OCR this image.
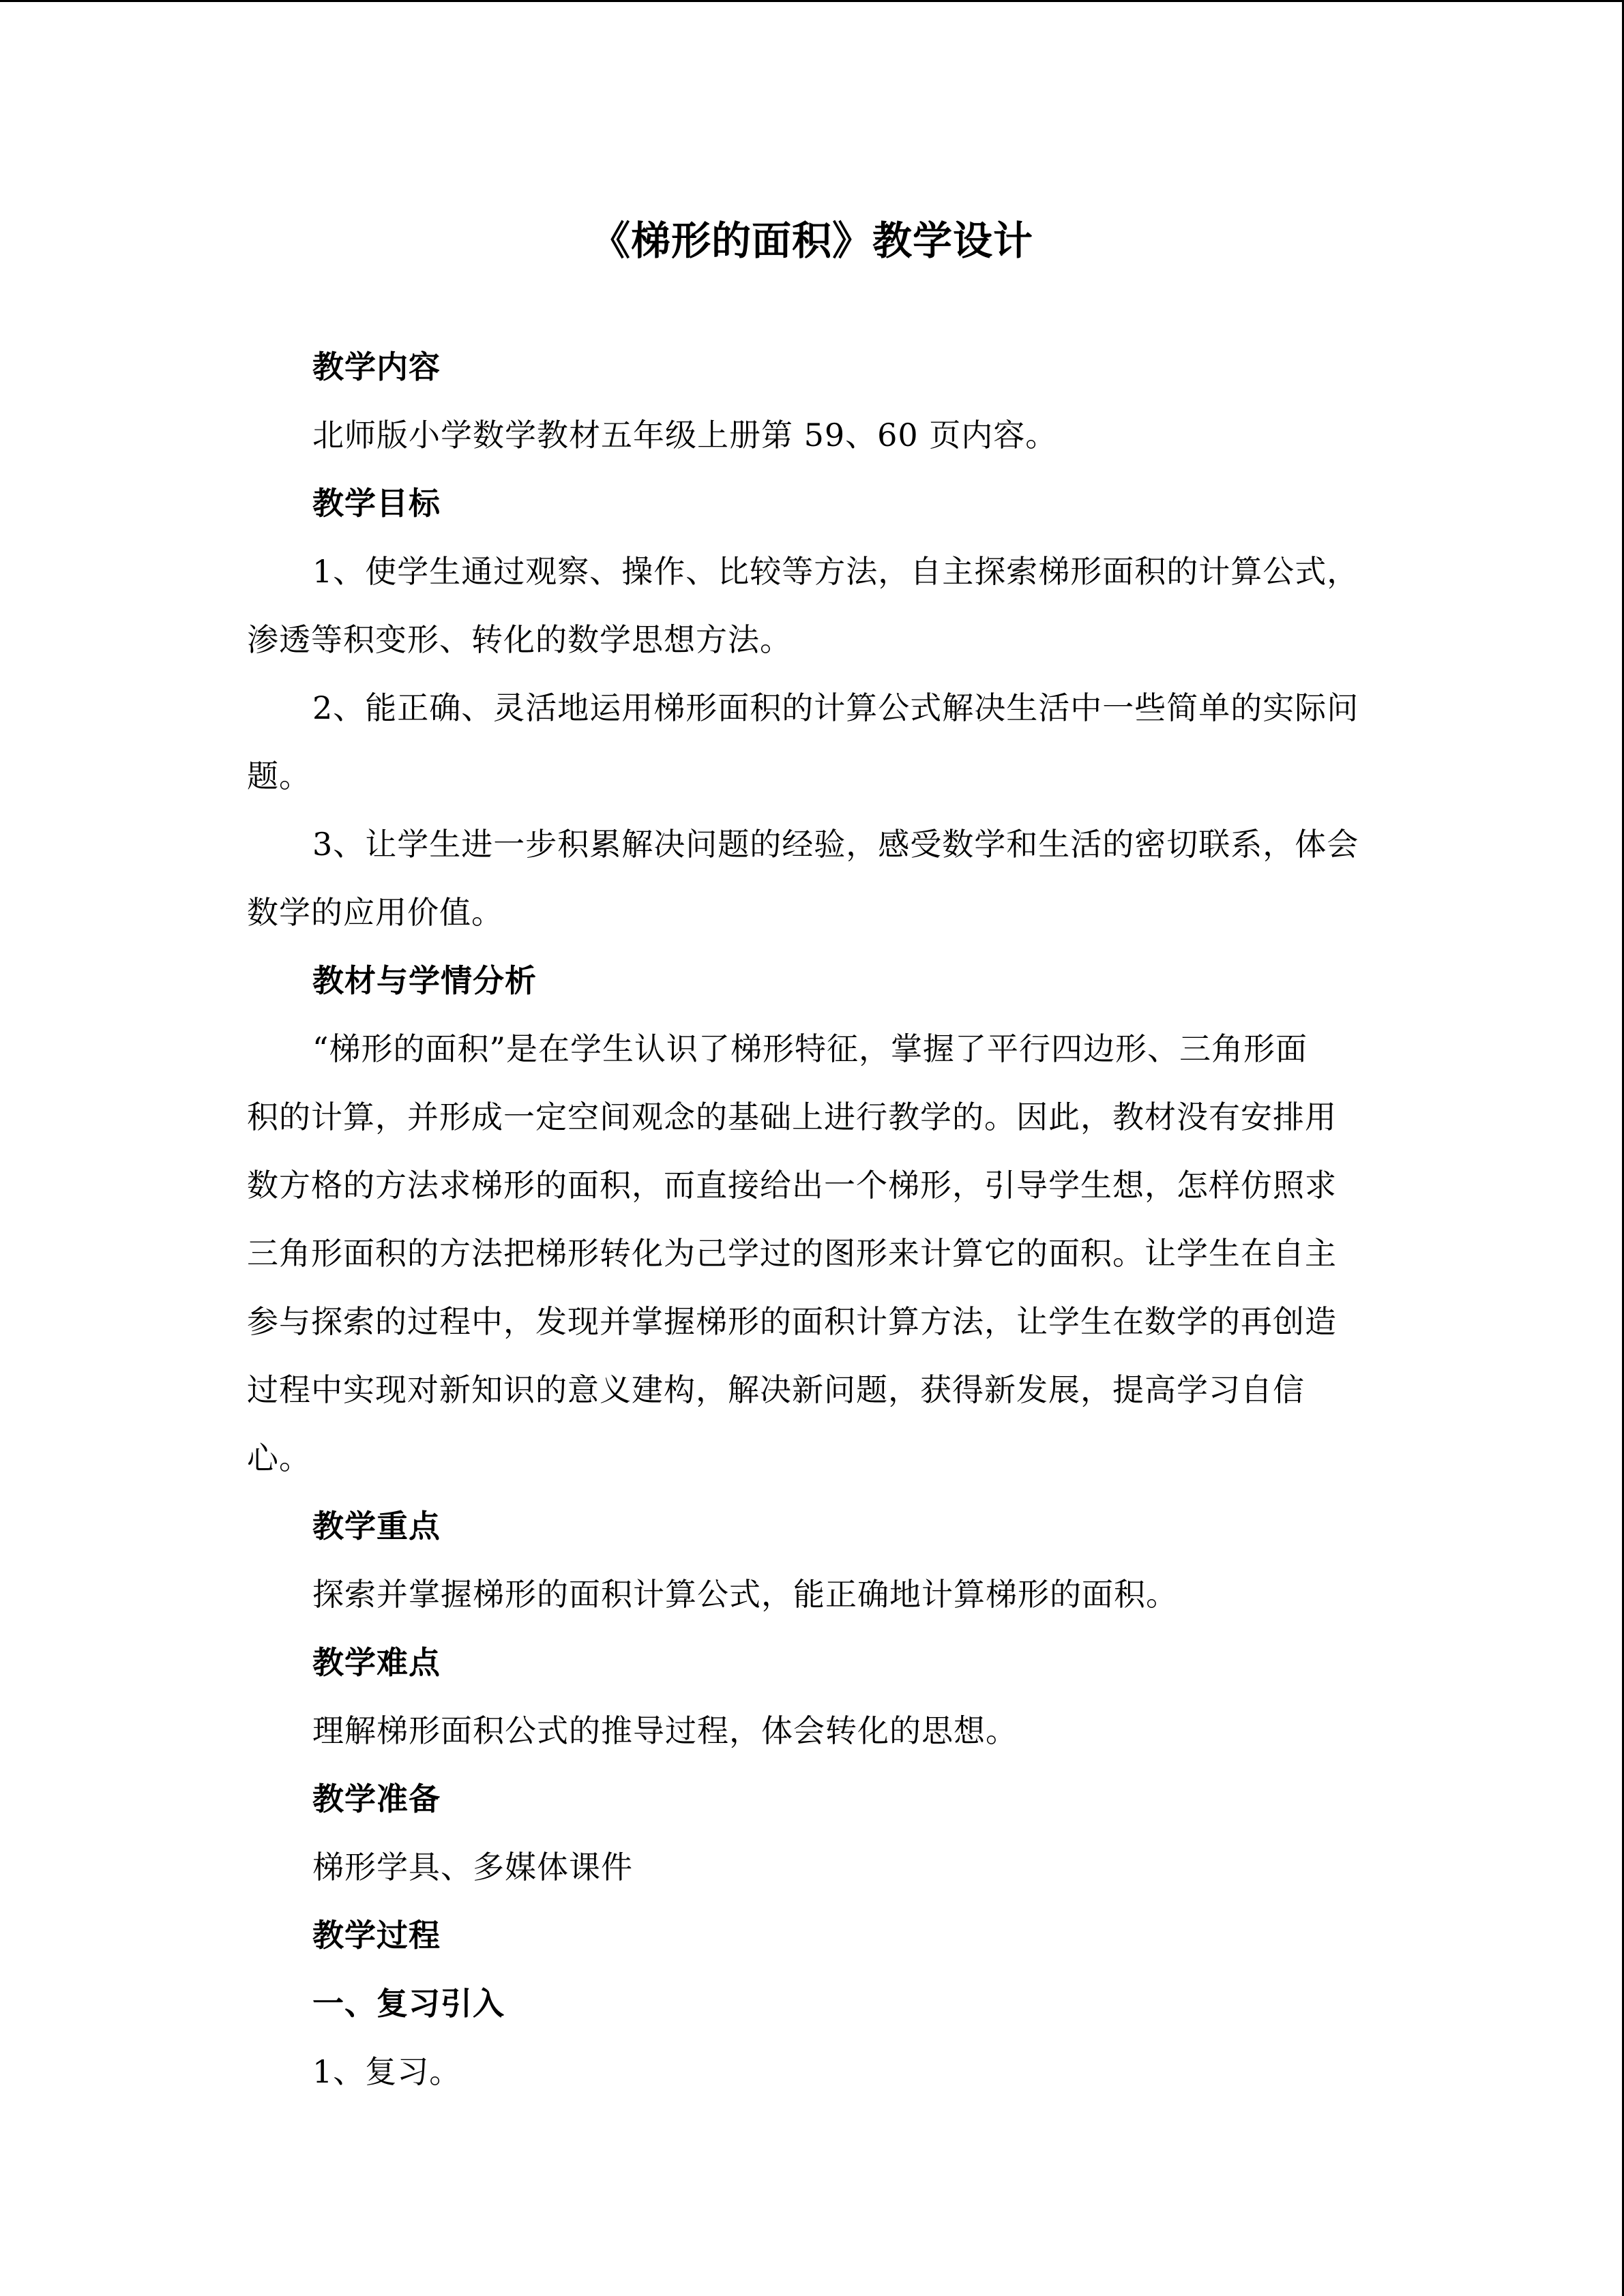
《梯形的面积》教学设计
教学内容
北师版小学数学教材五年级上册第 59、60 页内容。
教学目标
1、使学生通过观察、操作、比较等方法，自主探索梯形面积的计算公式，
渗透等积变形、转化的数学思想方法。
2、能正确、灵活地运用梯形面积的计算公式解决生活中一些简单的实际问
题。
3、让学生进一步积累解决问题的经验，感受数学和生活的密切联系，体会
数学的应用价值。
教材与学情分析
“梯形的面积”是在学生认识了梯形特征，掌握了平行四边形、三角形面
积的计算，并形成一定空间观念的基础上进行教学的。因此，教材没有安排用
数方格的方法求梯形的面积，而直接给出一个梯形，引导学生想，怎样仿照求
三角形面积的方法把梯形转化为己学过的图形来计算它的面积。让学生在自主
参与探索的过程中，发现并掌握梯形的面积计算方法，让学生在数学的再创造
过程中实现对新知识的意义建构，解决新问题，获得新发展，提高学习自信
心。
教学重点
探索并掌握梯形的面积计算公式，能正确地计算梯形的面积。
教学难点
理解梯形面积公式的推导过程，体会转化的思想。
教学准备
梯形学具、多媒体课件
教学过程
一、复习引入
1、复习。
